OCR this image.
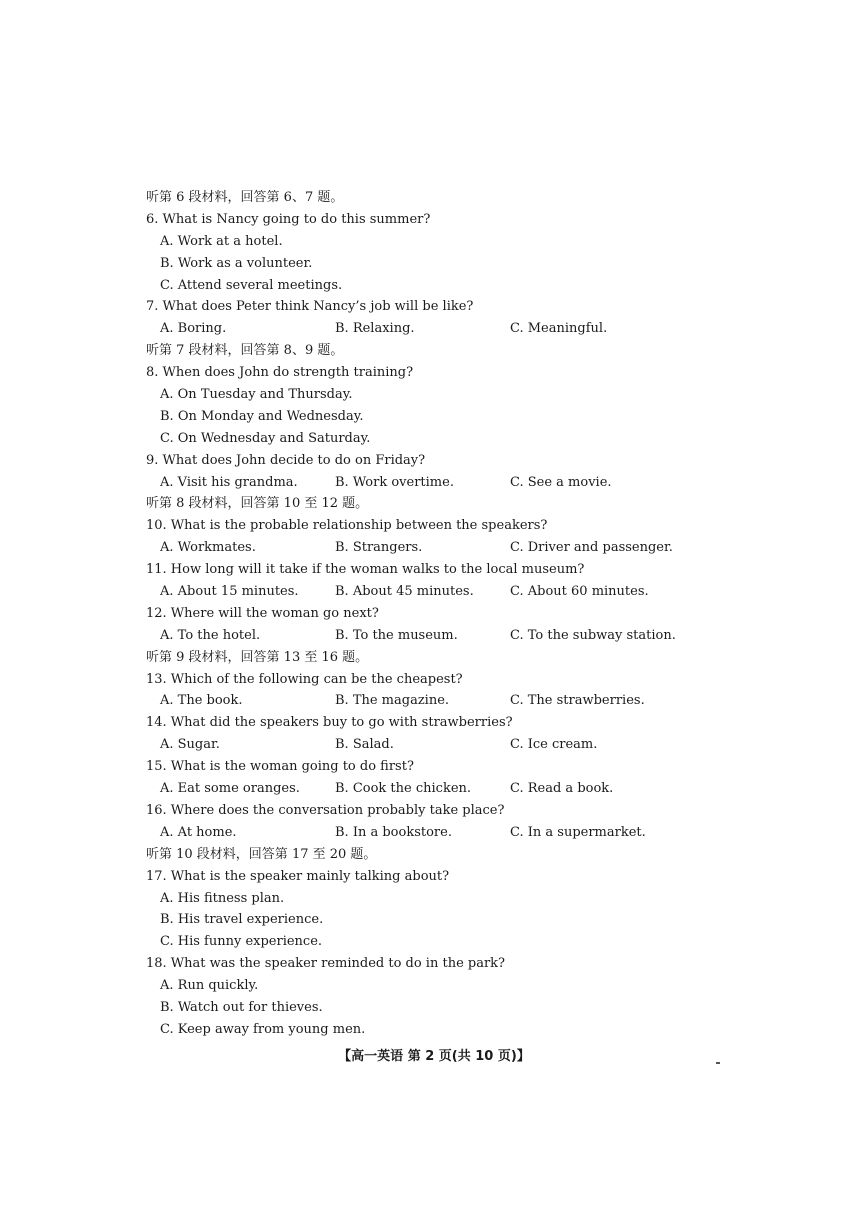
听第 6 段材料，回答第 6、7 题。
6. What is Nancy going to do this summer?
A. Work at a hotel.
B. Work as a volunteer.
C. Attend several meetings.
7. What does Peter think Nancy’s job will be like?
A. Boring.	B. Relaxing.	C. Meaningful.
听第 7 段材料，回答第 8、9 题。
8. When does John do strength training?
A. On Tuesday and Thursday.
B. On Monday and Wednesday.
C. On Wednesday and Saturday.
9. What does John decide to do on Friday?
A. Visit his grandma.	B. Work overtime.	C. See a movie.
听第 8 段材料，回答第 10 至 12 题。
10. What is the probable relationship between the speakers?
A. Workmates.	B. Strangers.	C. Driver and passenger.
11. How long will it take if the woman walks to the local museum?
A. About 15 minutes.	B. About 45 minutes.	C. About 60 minutes.
12. Where will the woman go next?
A. To the hotel.	B. To the museum.	C. To the subway station.
听第 9 段材料，回答第 13 至 16 题。
13. Which of the following can be the cheapest?
A. The book.	B. The magazine.	C. The strawberries.
14. What did the speakers buy to go with strawberries?
A. Sugar.	B. Salad.	C. Ice cream.
15. What is the woman going to do first?
A. Eat some oranges.	B. Cook the chicken.	C. Read a book.
16. Where does the conversation probably take place?
A. At home.	B. In a bookstore.	C. In a supermarket.
听第 10 段材料，回答第 17 至 20 题。
17. What is the speaker mainly talking about?
A. His fitness plan.
B. His travel experience.
C. His funny experience.
18. What was the speaker reminded to do in the park?
A. Run quickly.
B. Watch out for thieves.
C. Keep away from young men.
【高一英语 第 2 页(共 10 页)】
